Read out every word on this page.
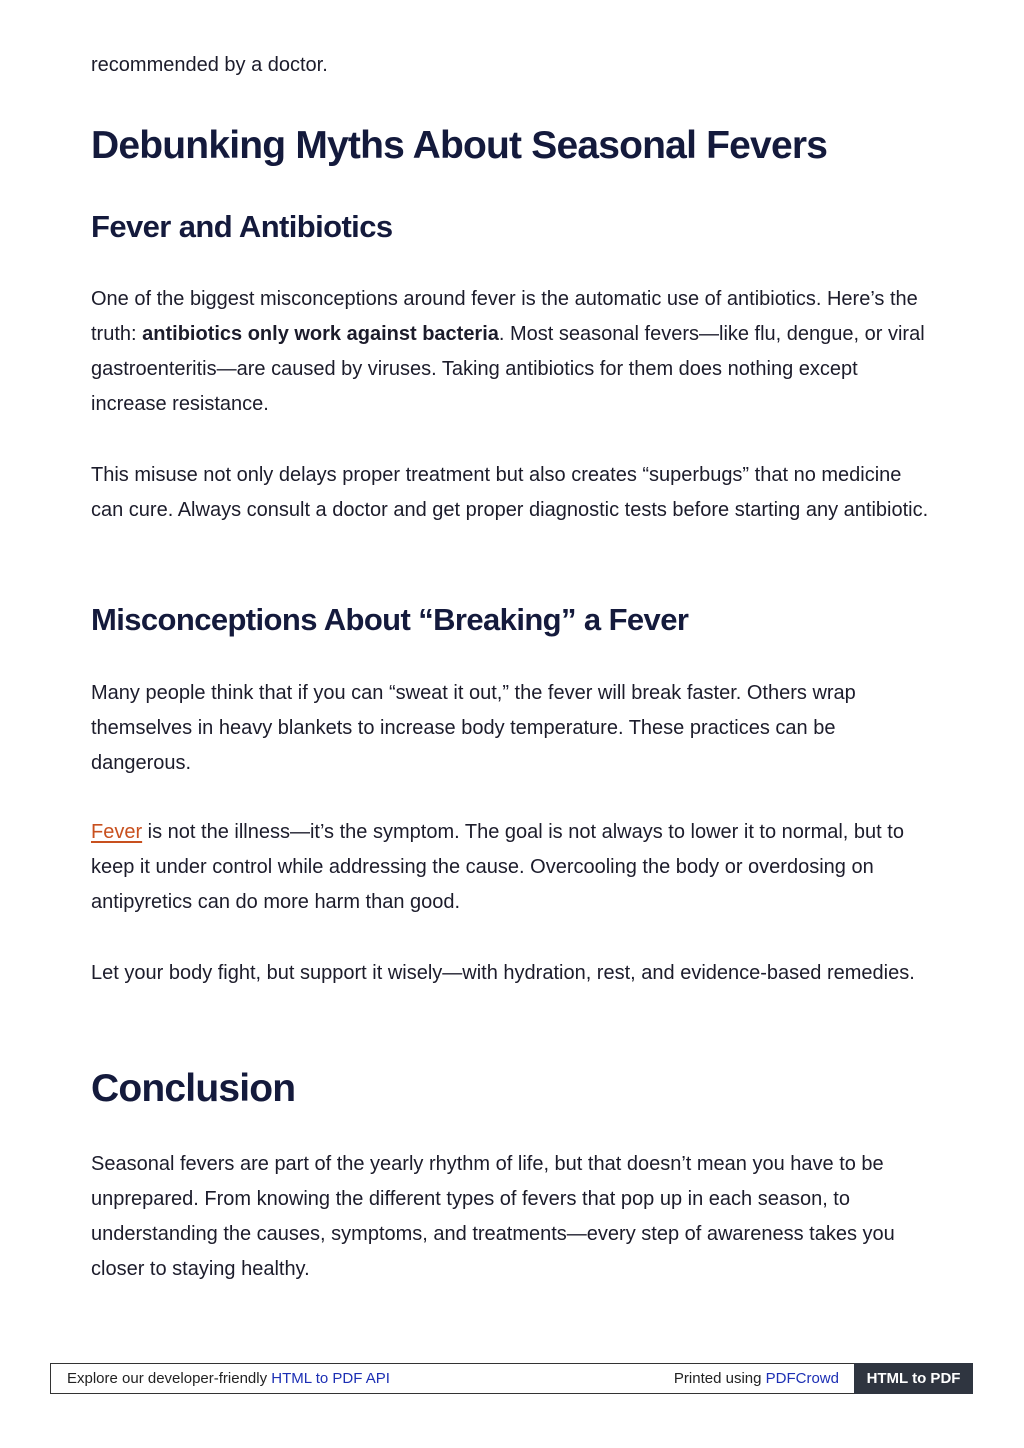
recommended by a doctor.

Debunking Myths About Seasonal Fevers
Fever and Antibiotics

One of the biggest misconceptions around fever is the automatic use of antibiotics. Here’s the truth: antibiotics only work against bacteria. Most seasonal fevers—like flu, dengue, or viral gastroenteritis—are caused by viruses. Taking antibiotics for them does nothing except increase resistance.

This misuse not only delays proper treatment but also creates “superbugs” that no medicine can cure. Always consult a doctor and get proper diagnostic tests before starting any antibiotic.

Misconceptions About “Breaking” a Fever

Many people think that if you can “sweat it out,” the fever will break faster. Others wrap themselves in heavy blankets to increase body temperature. These practices can be dangerous.

Fever is not the illness—it’s the symptom. The goal is not always to lower it to normal, but to keep it under control while addressing the cause. Overcooling the body or overdosing on antipyretics can do more harm than good.

Let your body fight, but support it wisely—with hydration, rest, and evidence-based remedies.

Conclusion

Seasonal fevers are part of the yearly rhythm of life, but that doesn’t mean you have to be unprepared. From knowing the different types of fevers that pop up in each season, to understanding the causes, symptoms, and treatments—every step of awareness takes you closer to staying healthy.

Explore our developer-friendly HTML to PDF API	Printed using PDFCrowd	HTML to PDF
